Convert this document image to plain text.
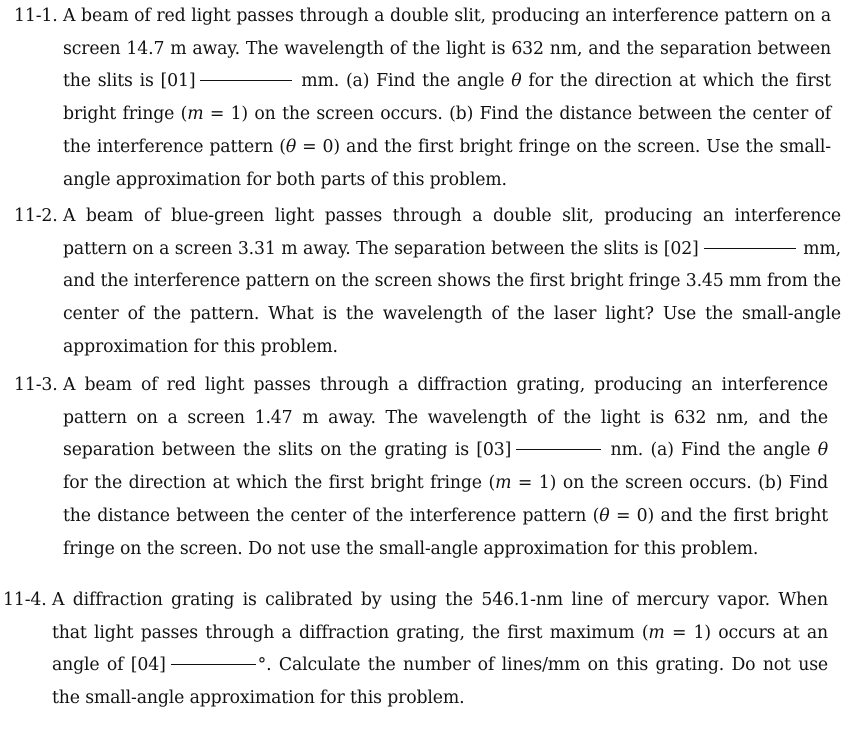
11-1. A beam of red light passes through a double slit, producing an interference pattern on a screen 14.7 m away. The wavelength of the light is 632 nm, and the separation between the slits is [01]	mm. (a) Find the angle θ for the direction at which the first bright fringe (m = 1) on the screen occurs. (b) Find the distance between the center of the interference pattern (θ = 0) and the first bright fringe on the screen. Use the small-angle approximation for both parts of this problem.
11-2. A beam of blue-green light passes through a double slit, producing an interference pattern on a screen 3.31 m away. The separation between the slits is [02]	mm, and the interference pattern on the screen shows the first bright fringe 3.45 mm from the center of the pattern. What is the wavelength of the laser light? Use the small-angle approximation for this problem.
11-3. A beam of red light passes through a diffraction grating, producing an interference pattern on a screen 1.47 m away. The wavelength of the light is 632 nm, and the separation between the slits on the grating is [03]	nm. (a) Find the angle θ for the direction at which the first bright fringe (m = 1) on the screen occurs. (b) Find the distance between the center of the interference pattern (θ = 0) and the first bright fringe on the screen. Do not use the small-angle approximation for this problem.
11-4. A diffraction grating is calibrated by using the 546.1-nm line of mercury vapor. When that light passes through a diffraction grating, the first maximum (m = 1) occurs at an angle of [04]	°. Calculate the number of lines/mm on this grating. Do not use the small-angle approximation for this problem.
